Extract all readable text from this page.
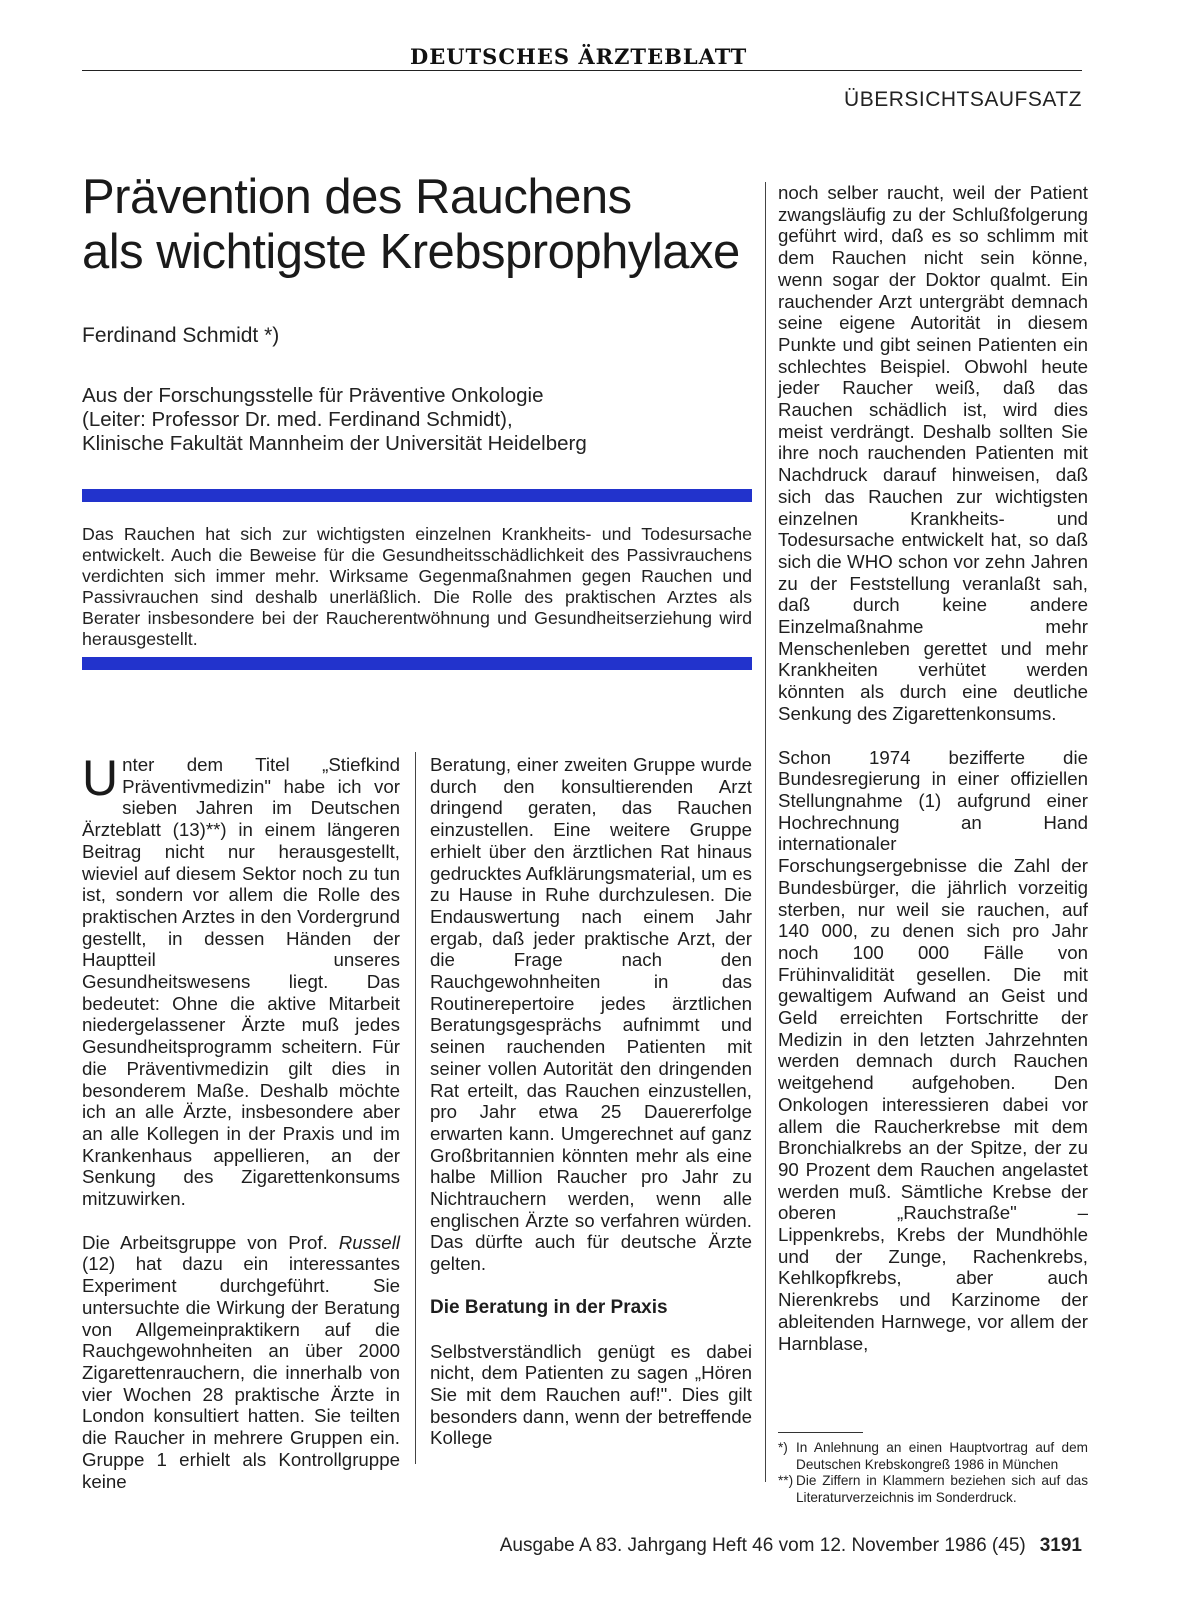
DEUTSCHES ÄRZTEBLATT
ÜBERSICHTSAUFSATZ
Prävention des Rauchens
als wichtigste Krebsprophylaxe
Ferdinand Schmidt *)
Aus der Forschungsstelle für Präventive Onkologie
(Leiter: Professor Dr. med. Ferdinand Schmidt),
Klinische Fakultät Mannheim der Universität Heidelberg
Das Rauchen hat sich zur wichtigsten einzelnen Krankheits- und Todesursache entwickelt. Auch die Beweise für die Gesundheitsschädlichkeit des Passivrauchens verdichten sich immer mehr. Wirksame Gegenmaßnahmen gegen Rauchen und Passivrauchen sind deshalb unerläßlich. Die Rolle des praktischen Arztes als Berater insbesondere bei der Raucherentwöhnung und Gesundheitserziehung wird herausgestellt.

Unter dem Titel „Stiefkind Präventivmedizin" habe ich vor sieben Jahren im Deutschen Ärzteblatt (13)**) in einem längeren Beitrag nicht nur herausgestellt, wieviel auf diesem Sektor noch zu tun ist, sondern vor allem die Rolle des praktischen Arztes in den Vordergrund gestellt, in dessen Händen der Hauptteil unseres Gesundheitswesens liegt. Das bedeutet: Ohne die aktive Mitarbeit niedergelassener Ärzte muß jedes Gesundheitsprogramm scheitern. Für die Präventivmedizin gilt dies in besonderem Maße. Deshalb möchte ich an alle Ärzte, insbesondere aber an alle Kollegen in der Praxis und im Krankenhaus appellieren, an der Senkung des Zigarettenkonsums mitzuwirken.

Die Arbeitsgruppe von Prof. Russell (12) hat dazu ein interessantes Experiment durchgeführt. Sie untersuchte die Wirkung der Beratung von Allgemeinpraktikern auf die Rauchgewohnheiten an über 2000 Zigarettenrauchern, die innerhalb von vier Wochen 28 praktische Ärzte in London konsultiert hatten. Sie teilten die Raucher in mehrere Gruppen ein. Gruppe 1 erhielt als Kontrollgruppe keine

Beratung, einer zweiten Gruppe wurde durch den konsultierenden Arzt dringend geraten, das Rauchen einzustellen. Eine weitere Gruppe erhielt über den ärztlichen Rat hinaus gedrucktes Aufklärungsmaterial, um es zu Hause in Ruhe durchzulesen. Die Endauswertung nach einem Jahr ergab, daß jeder praktische Arzt, der die Frage nach den Rauchgewohnheiten in das Routinerepertoire jedes ärztlichen Beratungsgesprächs aufnimmt und seinen rauchenden Patienten mit seiner vollen Autorität den dringenden Rat erteilt, das Rauchen einzustellen, pro Jahr etwa 25 Dauererfolge erwarten kann. Umgerechnet auf ganz Großbritannien könnten mehr als eine halbe Million Raucher pro Jahr zu Nichtrauchern werden, wenn alle englischen Ärzte so verfahren würden. Das dürfte auch für deutsche Ärzte gelten.

Die Beratung in der Praxis

Selbstverständlich genügt es dabei nicht, dem Patienten zu sagen „Hören Sie mit dem Rauchen auf!". Dies gilt besonders dann, wenn der betreffende Kollege

noch selber raucht, weil der Patient zwangsläufig zu der Schlußfolgerung geführt wird, daß es so schlimm mit dem Rauchen nicht sein könne, wenn sogar der Doktor qualmt. Ein rauchender Arzt untergräbt demnach seine eigene Autorität in diesem Punkte und gibt seinen Patienten ein schlechtes Beispiel. Obwohl heute jeder Raucher weiß, daß das Rauchen schädlich ist, wird dies meist verdrängt. Deshalb sollten Sie ihre noch rauchenden Patienten mit Nachdruck darauf hinweisen, daß sich das Rauchen zur wichtigsten einzelnen Krankheits- und Todesursache entwickelt hat, so daß sich die WHO schon vor zehn Jahren zu der Feststellung veranlaßt sah, daß durch keine andere Einzelmaßnahme mehr Menschenleben gerettet und mehr Krankheiten verhütet werden könnten als durch eine deutliche Senkung des Zigarettenkonsums.

Schon 1974 bezifferte die Bundesregierung in einer offiziellen Stellungnahme (1) aufgrund einer Hochrechnung an Hand internationaler Forschungsergebnisse die Zahl der Bundesbürger, die jährlich vorzeitig sterben, nur weil sie rauchen, auf 140 000, zu denen sich pro Jahr noch 100 000 Fälle von Frühinvalidität gesellen. Die mit gewaltigem Aufwand an Geist und Geld erreichten Fortschritte der Medizin in den letzten Jahrzehnten werden demnach durch Rauchen weitgehend aufgehoben. Den Onkologen interessieren dabei vor allem die Raucherkrebse mit dem Bronchialkrebs an der Spitze, der zu 90 Prozent dem Rauchen angelastet werden muß. Sämtliche Krebse der oberen „Rauchstraße" – Lippenkrebs, Krebs der Mundhöhle und der Zunge, Rachenkrebs, Kehlkopfkrebs, aber auch Nierenkrebs und Karzinome der ableitenden Harnwege, vor allem der Harnblase,

*) In Anlehnung an einen Hauptvortrag auf dem Deutschen Krebskongreß 1986 in München
**) Die Ziffern in Klammern beziehen sich auf das Literaturverzeichnis im Sonderdruck.
Ausgabe A 83. Jahrgang Heft 46 vom 12. November 1986 (45) 3191
